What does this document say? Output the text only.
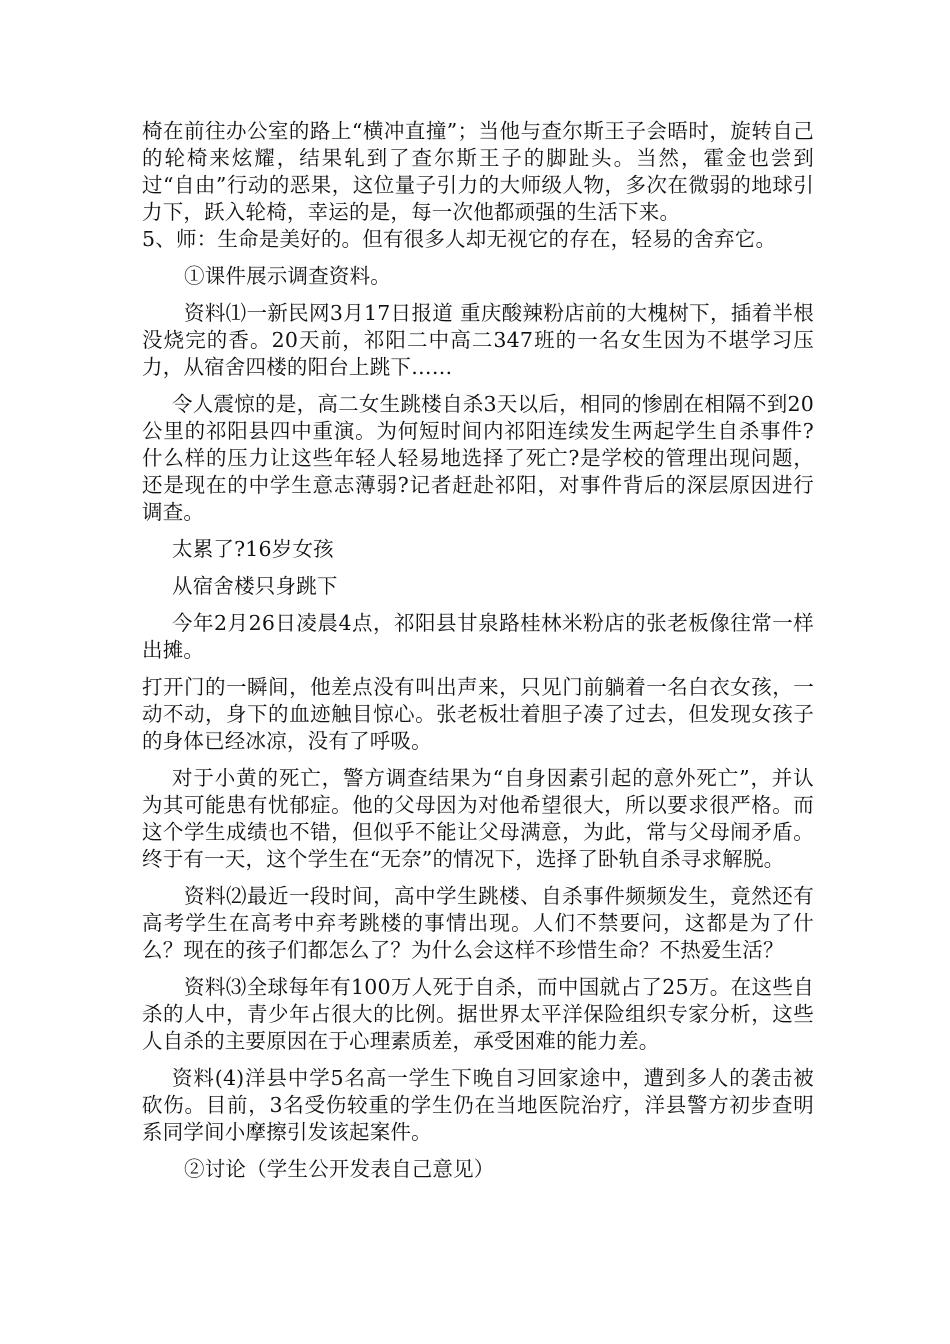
椅在前往办公室的路上“横冲直撞”；当他与查尔斯王子会晤时，旋转自己的轮椅来炫耀，结果轧到了查尔斯王子的脚趾头。当然，霍金也尝到过“自由”行动的恶果，这位量子引力的大师级人物，多次在微弱的地球引力下，跃入轮椅，幸运的是，每一次他都顽强的生活下来。

5、师：生命是美好的。但有很多人却无视它的存在，轻易的舍弃它。

①课件展示调查资料。

资料⑴一新民网3月17日报道 重庆酸辣粉店前的大槐树下，插着半根没烧完的香。20天前，祁阳二中高二347班的一名女生因为不堪学习压力，从宿舍四楼的阳台上跳下……

令人震惊的是，高二女生跳楼自杀3天以后，相同的惨剧在相隔不到20公里的祁阳县四中重演。为何短时间内祁阳连续发生两起学生自杀事件?什么样的压力让这些年轻人轻易地选择了死亡?是学校的管理出现问题，还是现在的中学生意志薄弱?记者赶赴祁阳，对事件背后的深层原因进行调查。

太累了?16岁女孩

从宿舍楼只身跳下

今年2月26日凌晨4点，祁阳县甘泉路桂林米粉店的张老板像往常一样出摊。

打开门的一瞬间，他差点没有叫出声来，只见门前躺着一名白衣女孩，一动不动，身下的血迹触目惊心。张老板壮着胆子凑了过去，但发现女孩子的身体已经冰凉，没有了呼吸。

对于小黄的死亡，警方调查结果为“自身因素引起的意外死亡”，并认为其可能患有忧郁症。他的父母因为对他希望很大，所以要求很严格。而这个学生成绩也不错，但似乎不能让父母满意，为此，常与父母闹矛盾。终于有一天，这个学生在“无奈”的情况下，选择了卧轨自杀寻求解脱。

资料⑵最近一段时间，高中学生跳楼、自杀事件频频发生，竟然还有高考学生在高考中弃考跳楼的事情出现。人们不禁要问，这都是为了什么？现在的孩子们都怎么了？为什么会这样不珍惜生命？不热爱生活？

资料⑶全球每年有100万人死于自杀，而中国就占了25万。在这些自杀的人中，青少年占很大的比例。据世界太平洋保险组织专家分析，这些人自杀的主要原因在于心理素质差，承受困难的能力差。

资料(4)洋县中学5名高一学生下晚自习回家途中，遭到多人的袭击被砍伤。目前，3名受伤较重的学生仍在当地医院治疗，洋县警方初步查明系同学间小摩擦引发该起案件。

②讨论（学生公开发表自己意见）
